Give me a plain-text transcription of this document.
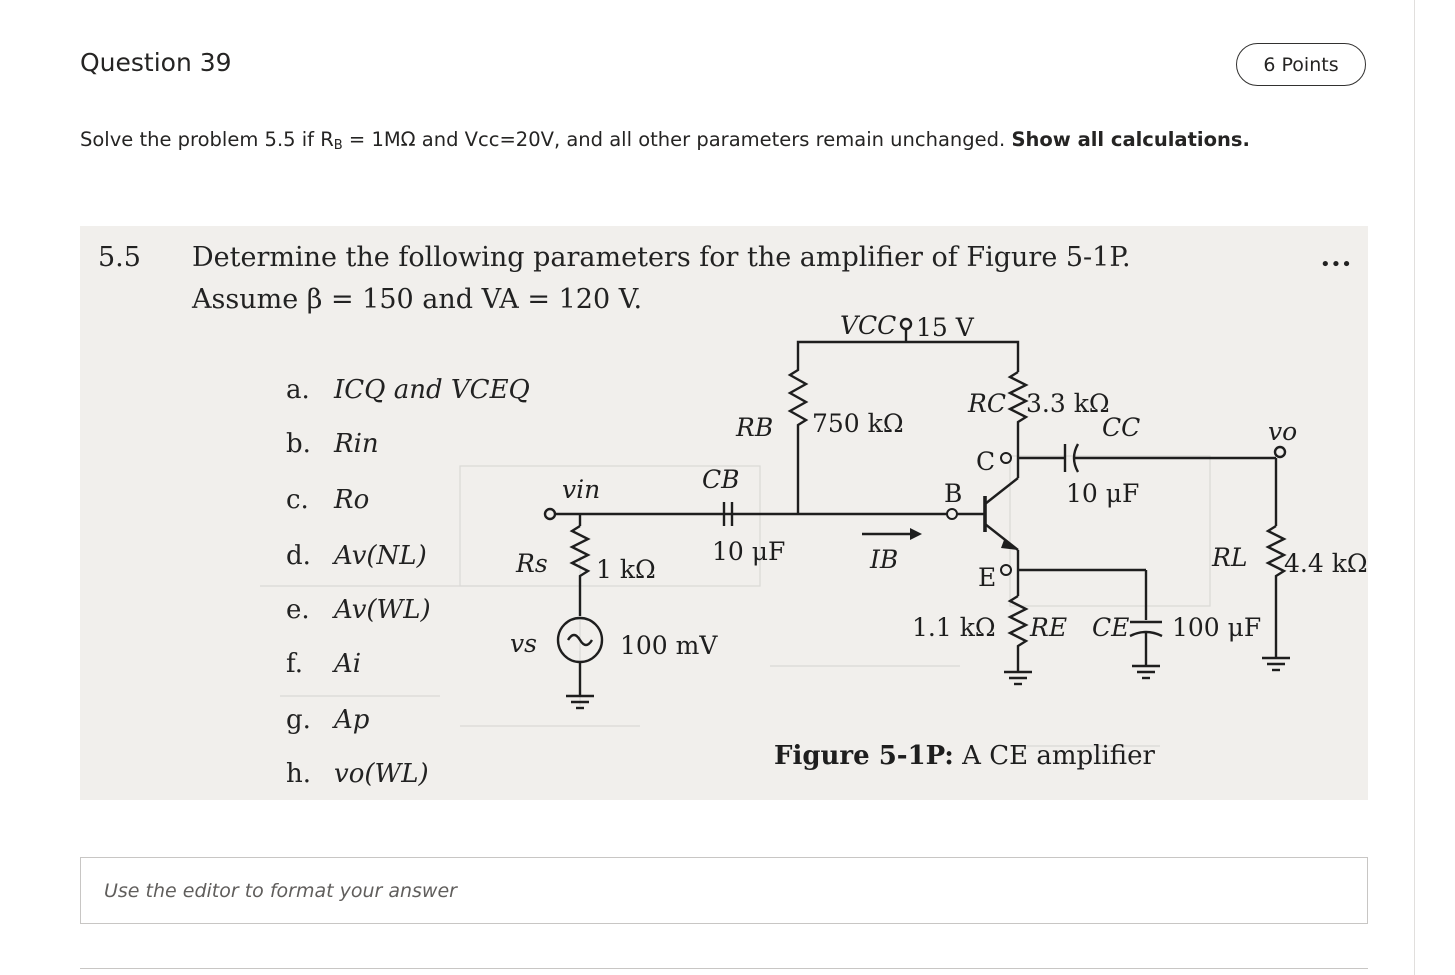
Question 39	6 Points
Solve the problem 5.5 if $R_B = 1M\Omega$ and Vcc=20V, and all other parameters remain unchanged. Show all calculations.
5.5 Determine the following parameters for the amplifier of Figure 5-1P.
Assume β = 150 and VA = 120 V.
•••
a. ICQ and VCEQ
b. Rin
c. Ro
d. Av(NL)
e. Av(WL)
f. Ai
g. Ap
h. vo(WL)
VCC 15 V
RC 3.3 kΩ
RB 750 kΩ	CC
10 μF
vo
C
B
E
vin	CB
10 μF
Rs 1 kΩ	IB	RL 4.4 kΩ
vs	100 mV
RE
1.1 kΩ	CE 100 μF
Figure 5-1P: A CE amplifier
Use the editor to format your answer
